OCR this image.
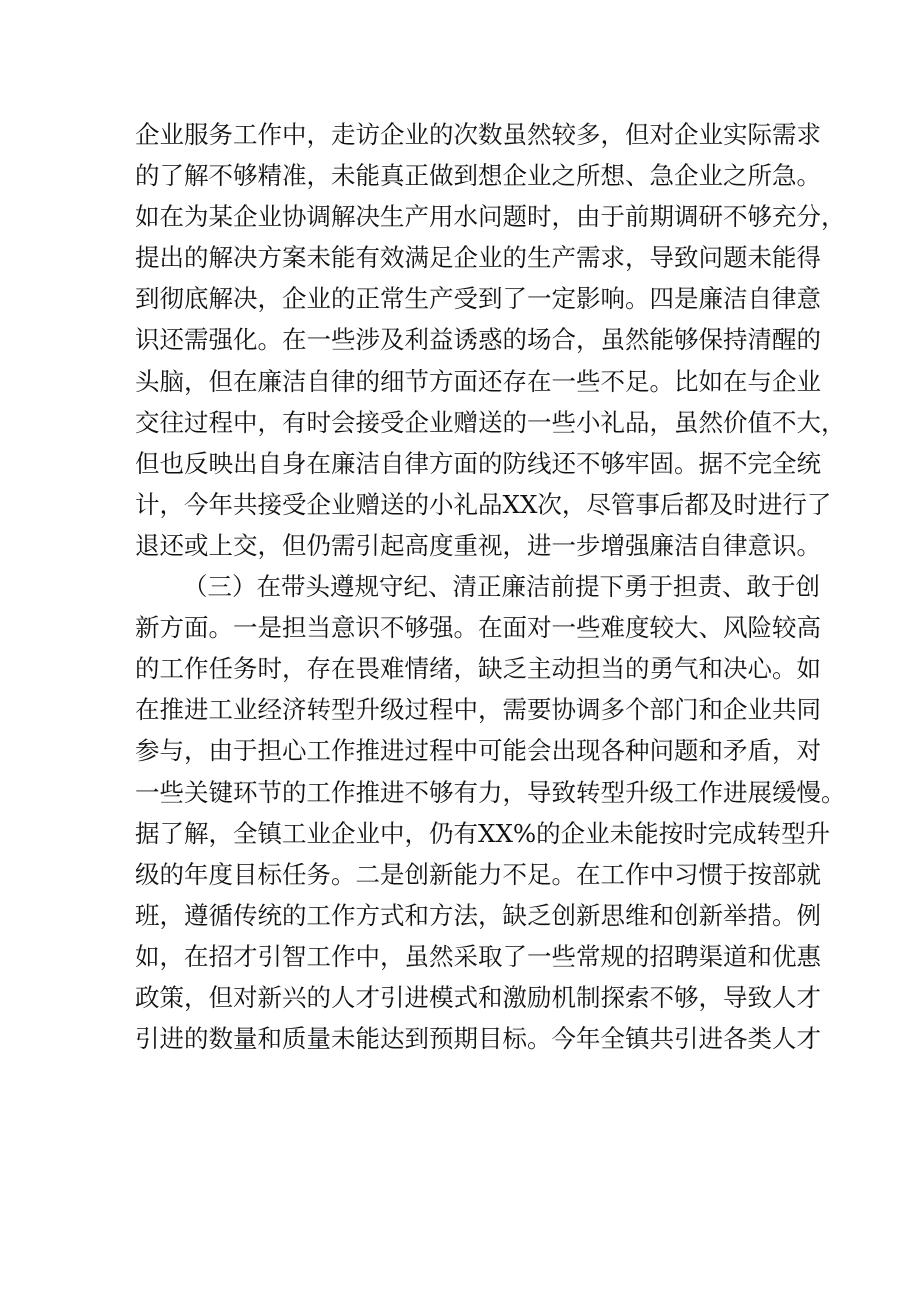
企业服务工作中，走访企业的次数虽然较多，但对企业实际需求
的了解不够精准，未能真正做到想企业之所想、急企业之所急。
如在为某企业协调解决生产用水问题时，由于前期调研不够充分，
提出的解决方案未能有效满足企业的生产需求，导致问题未能得
到彻底解决，企业的正常生产受到了一定影响。四是廉洁自律意
识还需强化。在一些涉及利益诱惑的场合，虽然能够保持清醒的
头脑，但在廉洁自律的细节方面还存在一些不足。比如在与企业
交往过程中，有时会接受企业赠送的一些小礼品，虽然价值不大，
但也反映出自身在廉洁自律方面的防线还不够牢固。据不完全统
计，今年共接受企业赠送的小礼品XX次，尽管事后都及时进行了
退还或上交，但仍需引起高度重视，进一步增强廉洁自律意识。
（三）在带头遵规守纪、清正廉洁前提下勇于担责、敢于创
新方面。一是担当意识不够强。在面对一些难度较大、风险较高
的工作任务时，存在畏难情绪，缺乏主动担当的勇气和决心。如
在推进工业经济转型升级过程中，需要协调多个部门和企业共同
参与，由于担心工作推进过程中可能会出现各种问题和矛盾，对
一些关键环节的工作推进不够有力，导致转型升级工作进展缓慢。
据了解，全镇工业企业中，仍有XX%的企业未能按时完成转型升
级的年度目标任务。二是创新能力不足。在工作中习惯于按部就
班，遵循传统的工作方式和方法，缺乏创新思维和创新举措。例
如，在招才引智工作中，虽然采取了一些常规的招聘渠道和优惠
政策，但对新兴的人才引进模式和激励机制探索不够，导致人才
引进的数量和质量未能达到预期目标。今年全镇共引进各类人才
